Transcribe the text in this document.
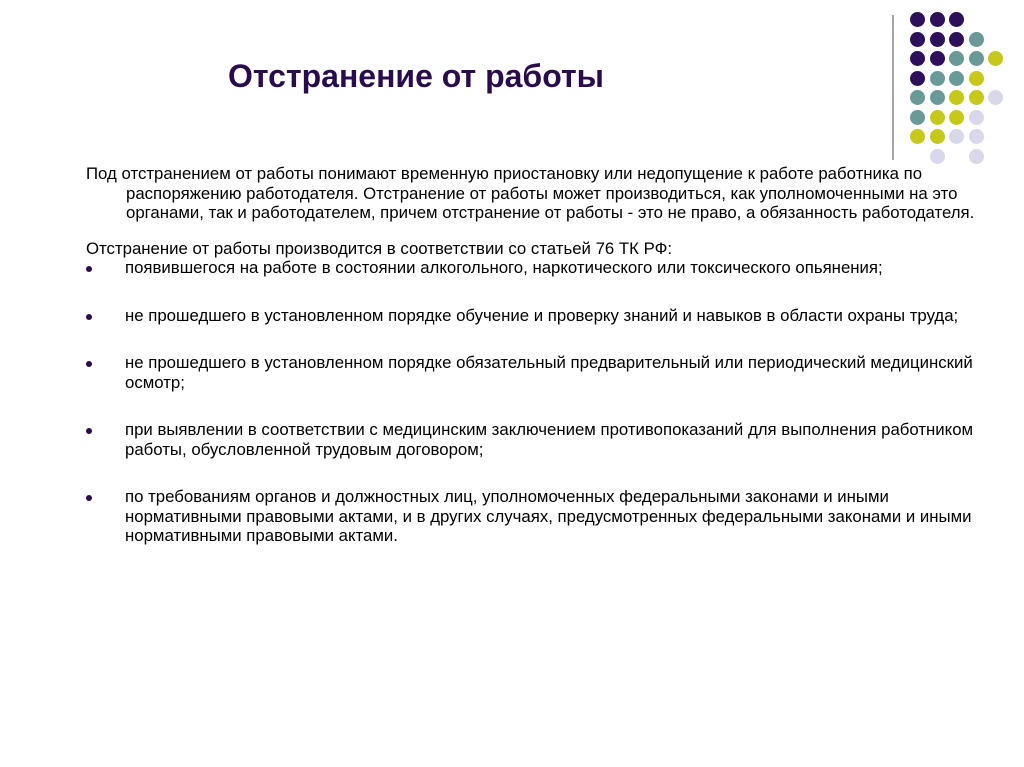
Отстранение от работы

Под отстранением от работы понимают временную приостановку или недопущение к работе работника по распоряжению работодателя. Отстранение от работы может производиться, как уполномоченными на это органами, так и работодателем, причем отстранение от работы - это не право, а обязанность работодателя.

Отстранение от работы производится в соответствии со статьей 76 ТК РФ:

появившегося на работе в состоянии алкогольного, наркотического или токсического опьянения;
не прошедшего в установленном порядке обучение и проверку знаний и навыков в области охраны труда;
не прошедшего в установленном порядке обязательный предварительный или периодический медицинский осмотр;
при выявлении в соответствии с медицинским заключением противопоказаний для выполнения работником работы, обусловленной трудовым договором;
по требованиям органов и должностных лиц, уполномоченных федеральными законами и иными нормативными правовыми актами, и в других случаях, предусмотренных федеральными законами и иными нормативными правовыми актами.
